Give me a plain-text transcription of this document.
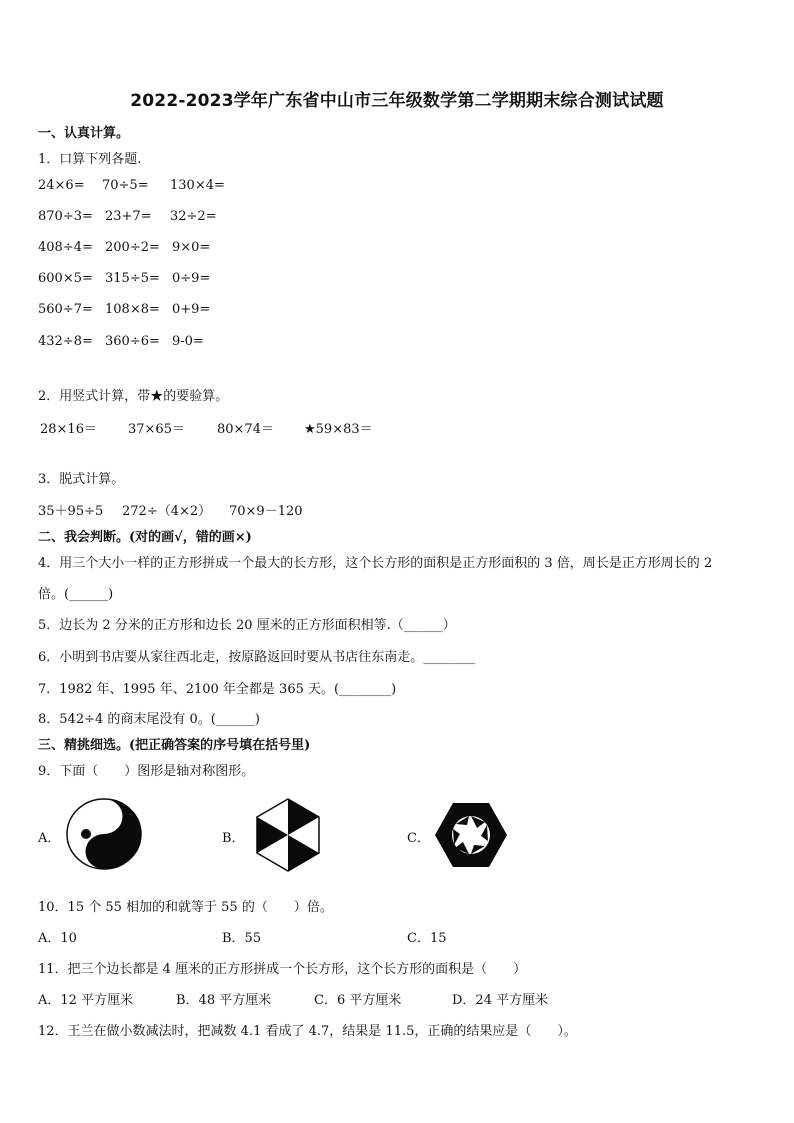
2022-2023学年广东省中山市三年级数学第二学期期末综合测试试题
一、认真计算。
1．口算下列各题.
24×6= 70÷5= 130×4=
870÷3= 23+7= 32÷2=
408÷4= 200÷2= 9×0=
600×5= 315÷5= 0÷9=
560÷7= 108×8= 0+9=
432÷8= 360÷6= 9-0=
2．用竖式计算，带★的要验算。
28×16＝ 37×65＝ 80×74＝ ★59×83＝
3．脱式计算。
35＋95÷5 272÷（4×2） 70×9－120
二、我会判断。(对的画√，错的画×)
4．用三个大小一样的正方形拼成一个最大的长方形，这个长方形的面积是正方形面积的 3 倍，周长是正方形周长的 2
倍。(______)
5．边长为 2 分米的正方形和边长 20 厘米的正方形面积相等.（______）
6．小明到书店要从家往西北走，按原路返回时要从书店往东南走。________
7．1982 年、1995 年、2100 年全都是 365 天。(________)
8．542÷4 的商末尾没有 0。(______)
三、精挑细选。(把正确答案的序号填在括号里)
9．下面（　　）图形是轴对称图形。
A．	B．	C．
10．15 个 55 相加的和就等于 55 的（　　）倍。
A．10	B．55	C．15
11．把三个边长都是 4 厘米的正方形拼成一个长方形，这个长方形的面积是（　　）
A．12 平方厘米	B．48 平方厘米	C．6 平方厘米	D．24 平方厘米
12．王兰在做小数减法时，把减数 4.1 看成了 4.7，结果是 11.5，正确的结果应是（　　）。
